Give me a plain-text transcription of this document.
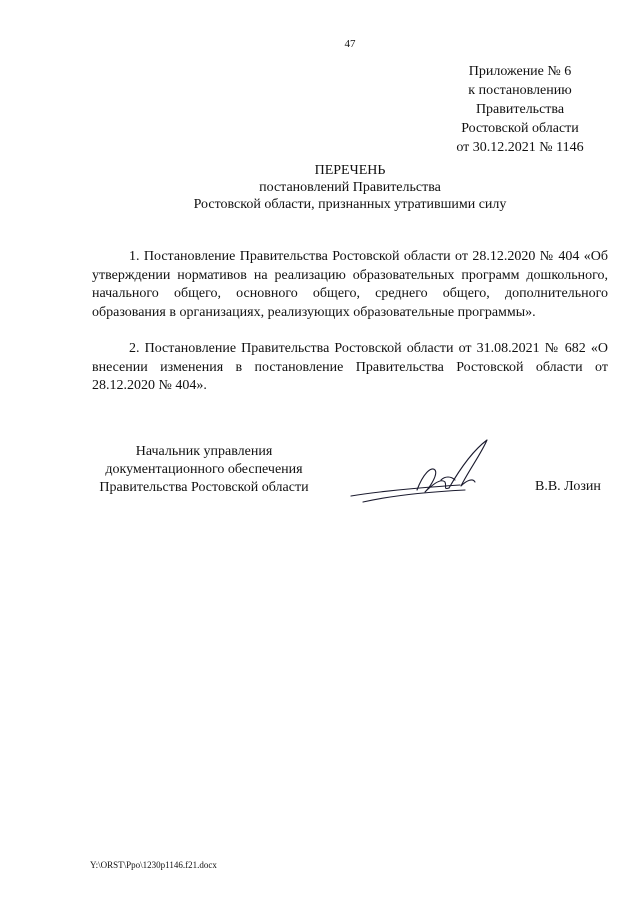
47
Приложение № 6
к постановлению
Правительства
Ростовской области
от 30.12.2021 № 1146
ПЕРЕЧЕНЬ
постановлений Правительства
Ростовской области, признанных утратившими силу
1. Постановление Правительства Ростовской области от 28.12.2020 № 404 «Об утверждении нормативов на реализацию образовательных программ дошкольного, начального общего, основного общего, среднего общего, дополнительного образования в организациях, реализующих образовательные программы».
2. Постановление Правительства Ростовской области от 31.08.2021 № 682 «О внесении изменения в постановление Правительства Ростовской области от 28.12.2020 № 404».
Начальник управления
документационного обеспечения
Правительства Ростовской области	В.В. Лозин
Y:\ORST\Ppo\1230p1146.f21.docx
